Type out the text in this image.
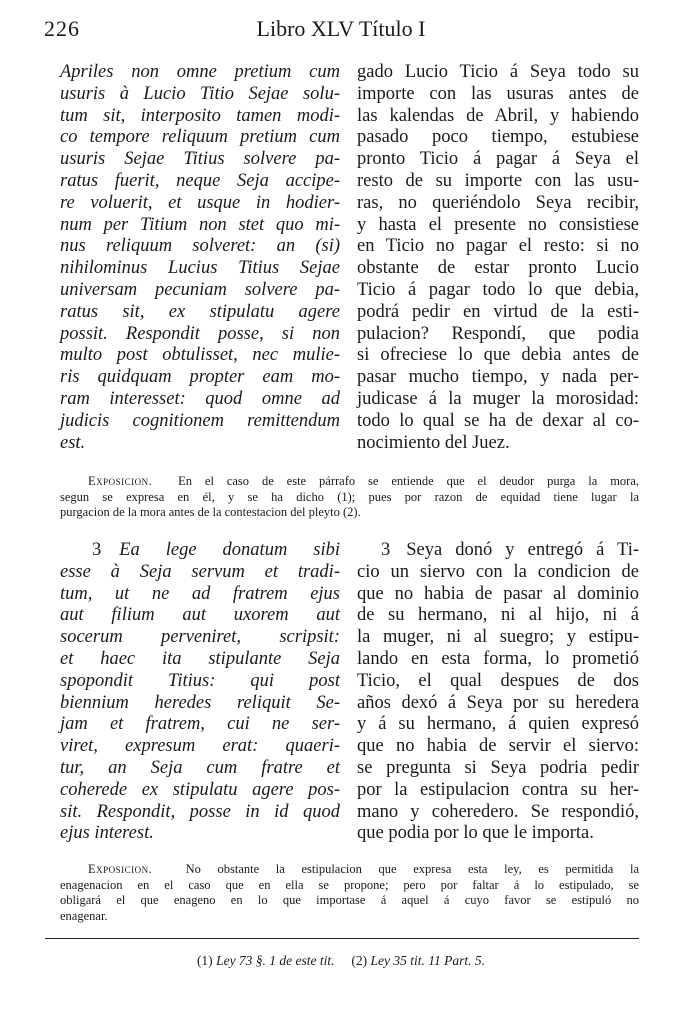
226	Libro XLV Título I
Apriles non omne pretium cum
usuris à Lucio Titio Sejae solu-
tum sit, interposito tamen modi-
co tempore reliquum pretium cum
usuris Sejae Titius solvere pa-
ratus fuerit, neque Seja accipe-
re voluerit, et usque in hodier-
num per Titium non stet quo mi-
nus reliquum solveret: an (si)
nihilominus Lucius Titius Sejae
universam pecuniam solvere pa-
ratus sit, ex stipulatu agere
possit. Respondit posse, si non
multo post obtulisset, nec mulie-
ris quidquam propter eam mo-
ram interesset: quod omne ad
judicis cognitionem remittendum
est.
gado Lucio Ticio á Seya todo su
importe con las usuras antes de
las kalendas de Abril, y habiendo
pasado poco tiempo, estubiese
pronto Ticio á pagar á Seya el
resto de su importe con las usu-
ras, no queriéndolo Seya recibir,
y hasta el presente no consistiese
en Ticio no pagar el resto: si no
obstante de estar pronto Lucio
Ticio á pagar todo lo que debia,
podrá pedir en virtud de la esti-
pulacion? Respondí, que podia
si ofreciese lo que debia antes de
pasar mucho tiempo, y nada per-
judicase á la muger la morosidad:
todo lo qual se ha de dexar al co-
nocimiento del Juez.
Exposicion. En el caso de este párrafo se entiende que el deudor purga la mora,
segun se expresa en él, y se ha dicho (1); pues por razon de equidad tiene lugar la
purgacion de la mora antes de la contestacion del pleyto (2).
3 Ea lege donatum sibi
esse à Seja servum et tradi-
tum, ut ne ad fratrem ejus
aut filium aut uxorem aut
socerum perveniret, scripsit:
et haec ita stipulante Seja
spopondit Titius: qui post
biennium heredes reliquit Se-
jam et fratrem, cui ne ser-
viret, expresum erat: quaeri-
tur, an Seja cum fratre et
coherede ex stipulatu agere pos-
sit. Respondit, posse in id quod
ejus interest.
3 Seya donó y entregó á Ti-
cio un siervo con la condicion de
que no habia de pasar al dominio
de su hermano, ni al hijo, ni á
la muger, ni al suegro; y estipu-
lando en esta forma, lo prometió
Ticio, el qual despues de dos
años dexó á Seya por su heredera
y á su hermano, á quien expresó
que no habia de servir el siervo:
se pregunta si Seya podria pedir
por la estipulacion contra su her-
mano y coheredero. Se respondió,
que podia por lo que le importa.
Exposicion.	No obstante la estipulacion que expresa esta ley, es permitida la
enagenacion en el caso que en ella se propone; pero por faltar á lo estipulado, se
obligará el que enageno en lo que importase á aquel á cuyo favor se estipuló no
enagenar.
(1) Ley 73 §. 1 de este tit. (2) Ley 35 tit. 11 Part. 5.
